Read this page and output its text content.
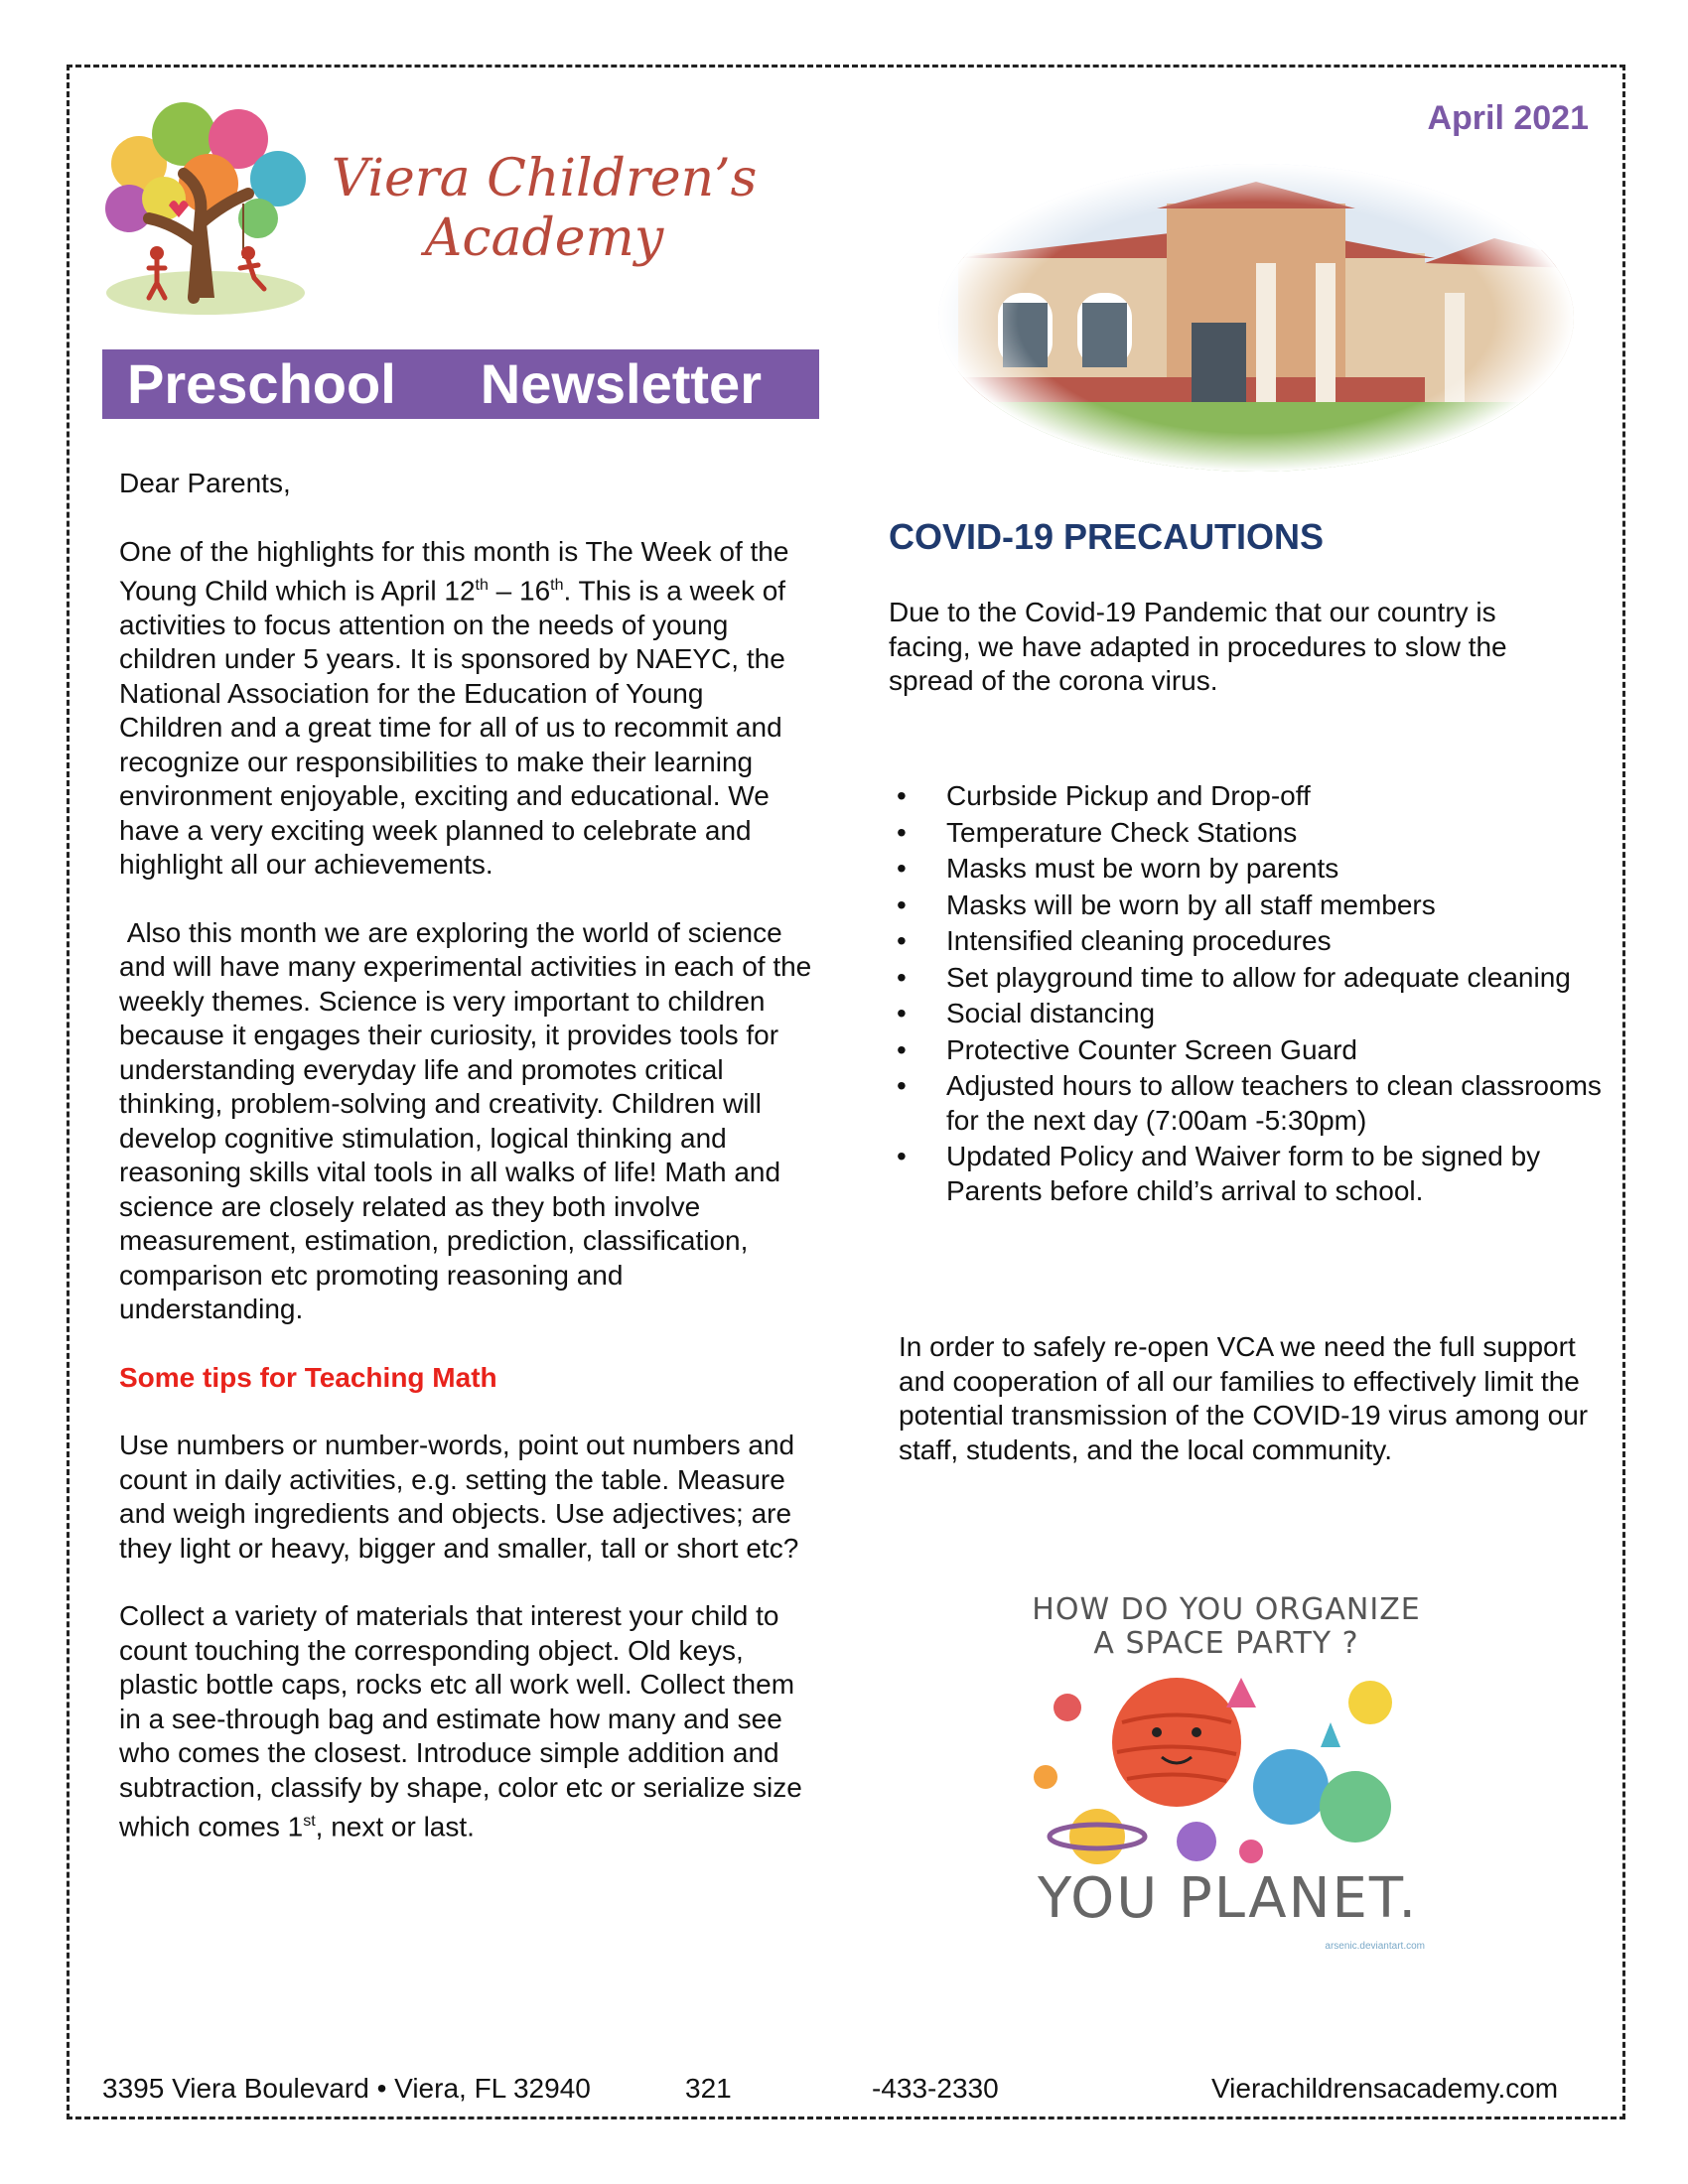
Viera Children’s
Academy
April 2021
Preschool Newsletter

Dear Parents,

One of the highlights for this month is The Week of the Young Child which is April 12th – 16th. This is a week of activities to focus attention on the needs of young children under 5 years. It is sponsored by NAEYC, the National Association for the Education of Young Children and a great time for all of us to recommit and recognize our responsibilities to make their learning environment enjoyable, exciting and educational. We have a very exciting week planned to celebrate and highlight all our achievements.

Also this month we are exploring the world of science and will have many experimental activities in each of the weekly themes. Science is very important to children because it engages their curiosity, it provides tools for understanding everyday life and promotes critical thinking, problem-solving and creativity. Children will develop cognitive stimulation, logical thinking and reasoning skills vital tools in all walks of life! Math and science are closely related as they both involve measurement, estimation, prediction, classification, comparison etc promoting reasoning and understanding.

Some tips for Teaching Math

Use numbers or number-words, point out numbers and count in daily activities, e.g. setting the table. Measure and weigh ingredients and objects. Use adjectives; are they light or heavy, bigger and smaller, tall or short etc?

Collect a variety of materials that interest your child to count touching the corresponding object. Old keys, plastic bottle caps, rocks etc all work well. Collect them in a see-through bag and estimate how many and see who comes the closest. Introduce simple addition and subtraction, classify by shape, color etc or serialize size which comes 1st, next or last.

COVID-19 PRECAUTIONS
Due to the Covid-19 Pandemic that our country is facing, we have adapted in procedures to slow the spread of the corona virus.
• Curbside Pickup and Drop-off
• Temperature Check Stations
• Masks must be worn by parents
• Masks will be worn by all staff members
• Intensified cleaning procedures
• Set playground time to allow for adequate cleaning
• Social distancing
• Protective Counter Screen Guard
• Adjusted hours to allow teachers to clean classrooms for the next day (7:00am -5:30pm)
• Updated Policy and Waiver form to be signed by Parents before child’s arrival to school.
In order to safely re-open VCA we need the full support and cooperation of all our families to effectively limit the potential transmission of the COVID-19 virus among our staff, students, and the local community.
HOW DO YOU ORGANIZE
A SPACE PARTY ?
YOU PLANET.
arsenic.deviantart.com
3395 Viera Boulevard • Viera, FL 32940	321	-433-2330	Vierachildrensacademy.com
